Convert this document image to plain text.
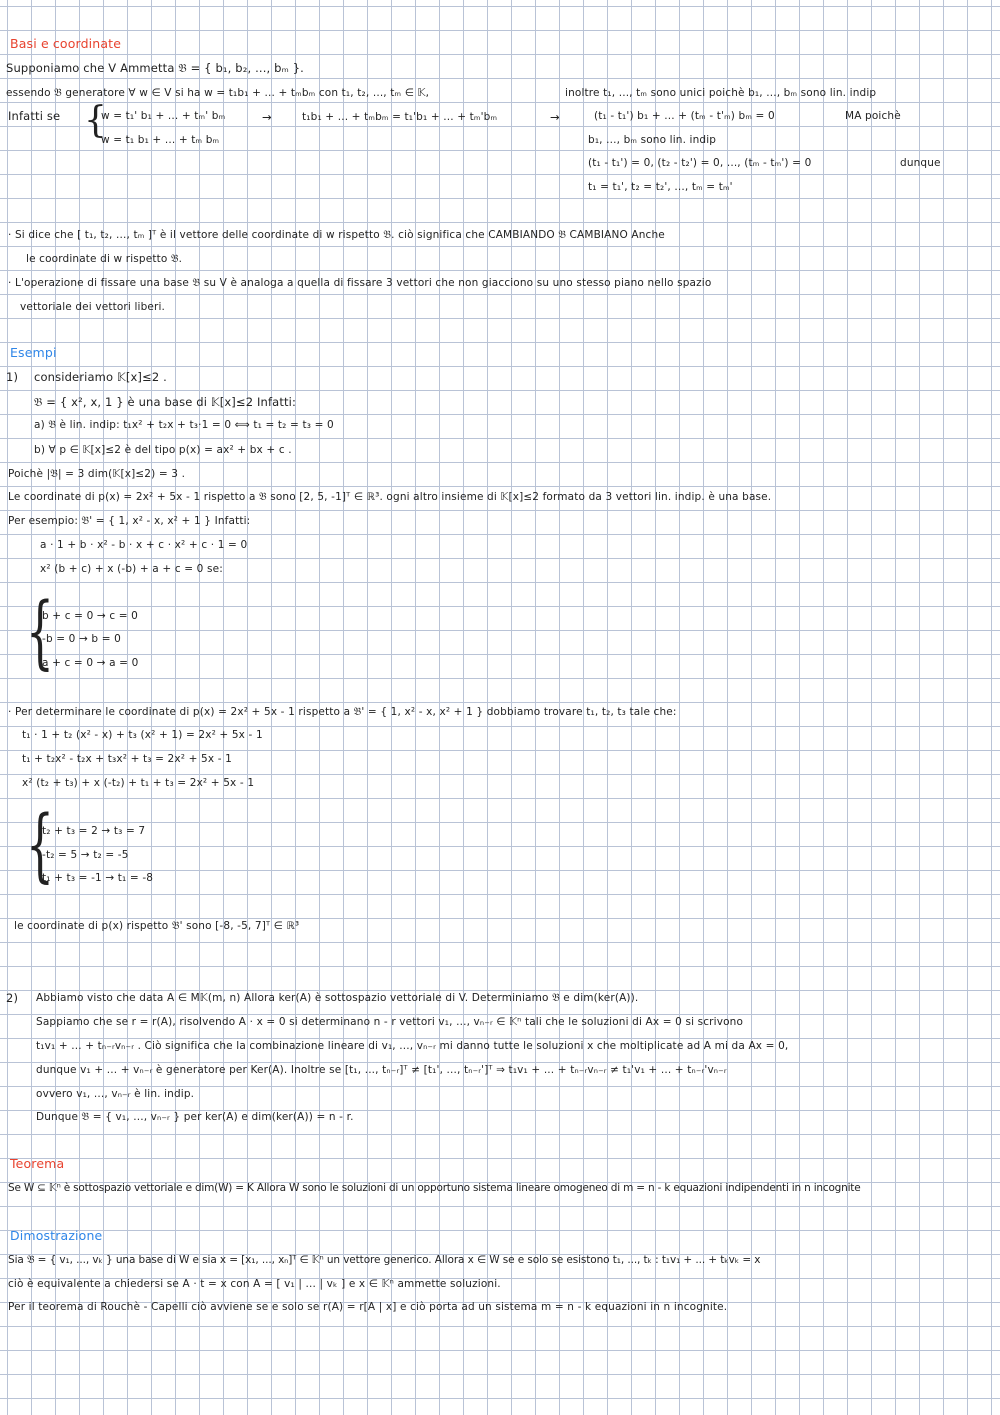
Basi e coordinate
Supponiamo che V Ammetta 𝔅 = { b₁, b₂, ..., bₘ }.
essendo 𝔅 generatore ∀ w ∈ V si ha w = t₁b₁ + ... + tₘbₘ con t₁, t₂, ..., tₘ ∈ 𝕂,	inoltre t₁, ..., tₘ sono unici poichè b₁, ..., bₘ sono lin. indip
Infatti se {
w = t₁' b₁ + ... + tₘ' bₘ
w = t₁ b₁ + ... + tₘ bₘ
→	t₁b₁ + ... + tₘbₘ = t₁'b₁ + ... + tₘ'bₘ	→	(t₁ - t₁') b₁ + ... + (tₘ - t'ₘ) bₘ = 0	MA poichè
b₁, ..., bₘ sono lin. indip
(t₁ - t₁') = 0, (t₂ - t₂') = 0, ..., (tₘ - tₘ') = 0	dunque
t₁ = t₁', t₂ = t₂', ..., tₘ = tₘ'
· Si dice che [ t₁, t₂, ..., tₘ ]ᵀ è il vettore delle coordinate di w rispetto 𝔅. ciò significa che CAMBIANDO 𝔅 CAMBIANO Anche
le coordinate di w rispetto 𝔅.
· L'operazione di fissare una base 𝔅 su V è analoga a quella di fissare 3 vettori che non giacciono su uno stesso piano nello spazio
vettoriale dei vettori liberi.
Esempi
1) consideriamo 𝕂[x]≤2 .
𝔅 = { x², x, 1 } è una base di 𝕂[x]≤2 Infatti:
a) 𝔅 è lin. indip: t₁x² + t₂x + t₃·1 = 0 ⟺ t₁ = t₂ = t₃ = 0
b) ∀ p ∈ 𝕂[x]≤2 è del tipo p(x) = ax² + bx + c .
Poichè |𝔅| = 3 dim(𝕂[x]≤2) = 3 .
Le coordinate di p(x) = 2x² + 5x - 1 rispetto a 𝔅 sono [2, 5, -1]ᵀ ∈ ℝ³. ogni altro insieme di 𝕂[x]≤2 formato da 3 vettori lin. indip. è una base.
Per esempio: 𝔅' = { 1, x² - x, x² + 1 } Infatti:
a · 1 + b · x² - b · x + c · x² + c · 1 = 0
x² (b + c) + x (-b) + a + c = 0 se:
{
b + c = 0 → c = 0
-b = 0 → b = 0
a + c = 0 → a = 0
· Per determinare le coordinate di p(x) = 2x² + 5x - 1 rispetto a 𝔅' = { 1, x² - x, x² + 1 } dobbiamo trovare t₁, t₂, t₃ tale che:
t₁ · 1 + t₂ (x² - x) + t₃ (x² + 1) = 2x² + 5x - 1
t₁ + t₂x² - t₂x + t₃x² + t₃ = 2x² + 5x - 1
x² (t₂ + t₃) + x (-t₂) + t₁ + t₃ = 2x² + 5x - 1
{
t₂ + t₃ = 2 → t₃ = 7
-t₂ = 5 → t₂ = -5
t₁ + t₃ = -1 → t₁ = -8
le coordinate di p(x) rispetto 𝔅' sono [-8, -5, 7]ᵀ ∈ ℝ³
2) Abbiamo visto che data A ∈ M𝕂(m, n) Allora ker(A) è sottospazio vettoriale di V. Determiniamo 𝔅 e dim(ker(A)).
Sappiamo che se r = r(A), risolvendo A · x = 0 si determinano n - r vettori v₁, ..., vₙ₋ᵣ ∈ 𝕂ⁿ tali che le soluzioni di Ax = 0 si scrivono
t₁v₁ + ... + tₙ₋ᵣvₙ₋ᵣ . Ciò significa che la combinazione lineare di v₁, ..., vₙ₋ᵣ mi danno tutte le soluzioni x che moltiplicate ad A mi da Ax = 0,
dunque v₁ + ... + vₙ₋ᵣ è generatore per Ker(A). Inoltre se [t₁, ..., tₙ₋ᵣ]ᵀ ≠ [t₁', ..., tₙ₋ᵣ']ᵀ ⇒ t₁v₁ + ... + tₙ₋ᵣvₙ₋ᵣ ≠ t₁'v₁ + ... + tₙ₋ᵣ'vₙ₋ᵣ
ovvero v₁, ..., vₙ₋ᵣ è lin. indip.
Dunque 𝔅 = { v₁, ..., vₙ₋ᵣ } per ker(A) e dim(ker(A)) = n - r.
Teorema
Se W ⊆ 𝕂ⁿ è sottospazio vettoriale e dim(W) = K Allora W sono le soluzioni di un opportuno sistema lineare omogeneo di m = n - k equazioni indipendenti in n incognite
Dimostrazione
Sia 𝔅 = { v₁, ..., vₖ } una base di W e sia x = [x₁, ..., xₙ]ᵀ ∈ 𝕂ⁿ un vettore generico. Allora x ∈ W se e solo se esistono t₁, ..., tₖ : t₁v₁ + ... + tₖvₖ = x
ciò è equivalente a chiedersi se A · t = x con A = [ v₁ | ... | vₖ ] e x ∈ 𝕂ⁿ ammette soluzioni.
Per il teorema di Rouchè - Capelli ciò avviene se e solo se r(A) = r[A | x] e ciò porta ad un sistema m = n - k equazioni in n incognite.
